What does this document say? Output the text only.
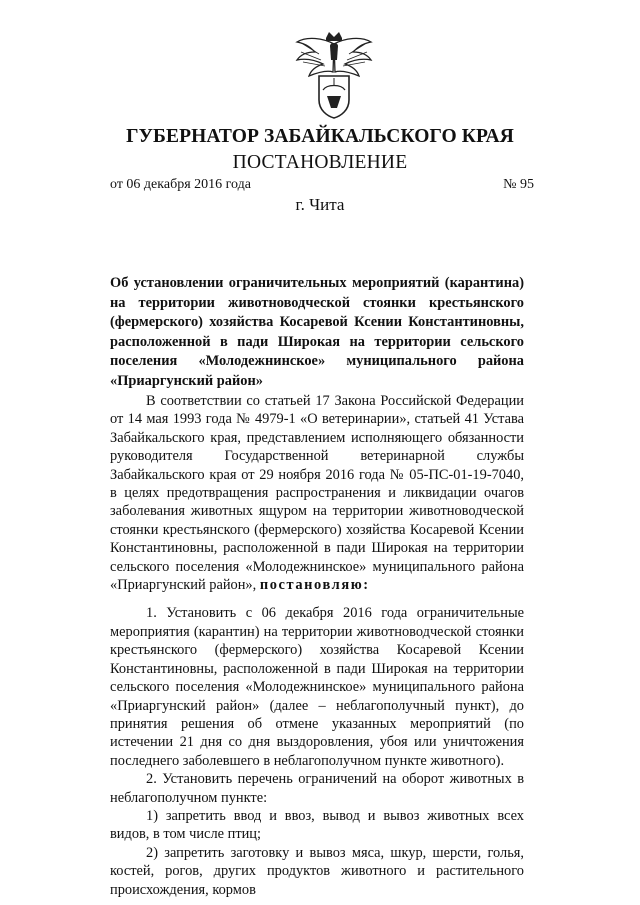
ГУБЕРНАТОР ЗАБАЙКАЛЬСКОГО КРАЯ
ПОСТАНОВЛЕНИЕ
от 06 декабря 2016 года	№ 95
г. Чита
Об установлении ограничительных мероприятий (карантина) на территории животноводческой стоянки крестьянского (фермерского) хозяйства Косаревой Ксении Константиновны, расположенной в пади Широкая на территории сельского поселения «Молодежнинское» муниципального района «Приаргунский район»

В соответствии со статьей 17 Закона Российской Федерации от 14 мая 1993 года № 4979-1 «О ветеринарии», статьей 41 Устава Забайкальского края, представлением исполняющего обязанности руководителя Государственной ветеринарной службы Забайкальского края от 29 ноября 2016 года № 05-ПС-01-19-7040, в целях предотвращения распространения и ликвидации очагов заболевания животных ящуром на территории животноводческой стоянки крестьянского (фермерского) хозяйства Косаревой Ксении Константиновны, расположенной в пади Широкая на территории сельского поселения «Молодежнинское» муниципального района «Приаргунский район», постановляю:

1. Установить с 06 декабря 2016 года ограничительные мероприятия (карантин) на территории животноводческой стоянки крестьянского (фермерского) хозяйства Косаревой Ксении Константиновны, расположенной в пади Широкая на территории сельского поселения «Молодежнинское» муниципального района «Приаргунский район» (далее – неблагополучный пункт), до принятия решения об отмене указанных мероприятий (по истечении 21 дня со дня выздоровления, убоя или уничтожения последнего заболевшего в неблагополучном пункте животного).

2. Установить перечень ограничений на оборот животных в неблагополучном пункте:

1) запретить ввод и ввоз, вывод и вывоз животных всех видов, в том числе птиц;

2) запретить заготовку и вывоз мяса, шкур, шерсти, голья, костей, рогов, других продуктов животного и растительного происхождения, кормов
